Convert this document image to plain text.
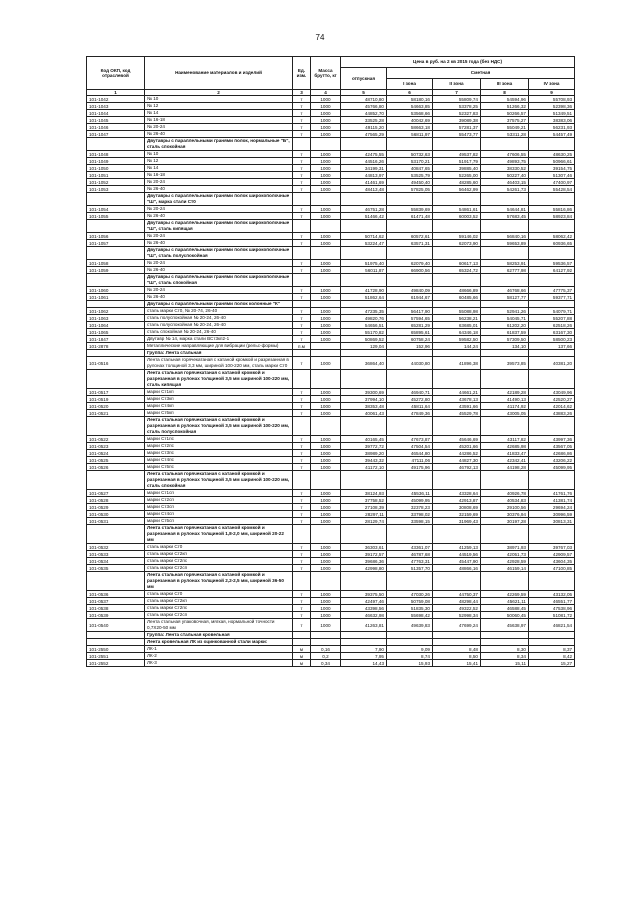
74
Код ОКП, код отраслевой	Наименование материалов и изделий	Ед. изм.	Масса брутто, кг	Цена в руб. на 2 кв 2015 года (без НДС)				
				отпускная	Сметная			
					I зона	II зона	III зона	IV зона
1	2	3	4	5	6	7	8	9
101-1042	№ 10	т	1000	48710,80	58180,16	55809,74	54594,96	55708,93
101-1043	№ 12	т	1000	45766,80	54663,85	53378,25	51266,32	52398,36
101-1044	№ 14	т	1000	44852,70	53568,66	52327,83	50266,57	51349,51
101-1045	№ 16-18	т	1000	33525,28	40042,69	39089,38	37575,27	38383,06
101-1046	№ 20-24	т	1000	49115,20	58663,18	57281,37	55049,21	56231,93
101-1047	№ 26-40	т	1000	47565,29	56811,97	55473,77	53311,28	54457,49
	Двутавры с параллельными гранями полок, нормальные "Б", сталь спокойная							
101-1048	№ 10	т	1000	42475,55	50732,63	49537,82	47606,55	48630,25
101-1049	№ 12	т	1000	44516,26	53170,21	51917,79	49893,75	50966,61
101-1050	№ 14	т	1000	34199,31	40847,65	39885,40	38330,52	39154,75
101-1051	№ 16-18	т	1000	44813,97	53525,79	52265,00	50227,40	51307,46
101-1052	№ 20-24	т	1000	41461,69	49450,40	48285,60	46403,15	47400,97
101-1053	№ 26-40	т	1000	48413,48	57825,05	56462,99	54261,73	55428,54
	Двутавры с параллельными гранями полок широкополочные "Ш", марка стали Ст0							
101-1054	№ 20-24	т	1000	46751,28	55839,69	54861,61	54644,81	55816,86
101-1055	№ 26-40	т	1000	51466,42	61471,48	60003,52	57683,45	58923,84
	Двутавры с параллельными гранями полок широкополочные "Ш", сталь кипящая							
101-1056	№ 20-24	т	1000	50714,62	60572,61	59146,02	56840,16	58062,42
101-1057	№ 26-40	т	1000	53224,47	63571,31	62073,90	59653,89	60936,65
	Двутавры с параллельными гранями полок широкополочные "Ш", сталь полуспокойная							
101-1058	№ 20-24	т	1000	51975,40	62079,40	60617,13	58253,91	59536,57
101-1059	№ 26-40	т	1000	56011,87	66900,56	65324,72	62777,98	64127,92
	Двутавры с параллельными гранями полок широкополочные "Ш", сталь спокойная							
101-1060	№ 20-24	т	1000	41728,90	49840,09	48666,89	46768,66	47775,37
101-1061	№ 26-40	т	1000	51862,64	61944,67	60485,66	58127,77	59377,71
	Двутавры с параллельными гранями полок колонные "К"							
101-1062	сталь марки Ст0, № 20-74, 26-40	т	1000	47235,35	56417,90	55088,98	52941,26	54079,71
101-1063	сталь полуспокойная № 20-24, 26-40	т	1000	49820,76	57594,65	56238,21	54045,71	55207,88
101-1064	сталь полуспокойная № 20-24, 26-40	т	1000	54656,51	65281,29	63685,01	61202,20	62518,26
101-1065	сталь спокойная № 20-24, 26-40	т	1000	55170,82	65895,61	64346,18	61837,59	63167,30
101-1847	Двутавр № 14, марка стали ВСт3кп2-1	т	1000	50869,52	60758,24	59582,50	57309,50	58500,23
101-2878	Металлические направляющие для вибрации (рельс-формы)	п.м		129,04	152,96	144,24	134,10	137,66
	Группа: Лента стальная							
101-0516	Лента стальная горячекатаная с катаной кромкой и разрезанная в рулонах толщиной 3,3 мм, шириной 100-220 мм, сталь марки Ст0	т	1000	36864,40	44030,80	41896,38	39573,85	40381,20
	Лента стальная горячекатаная с катаной кромкой и разрезанная в рулонах толщиной 3,5 мм шириной 100-220 мм, сталь кипящая							
101-0517	марки Ст1кп	т	1000	39300,69	46940,71	44661,21	42189,28	43049,96
101-0519	марки Ст3кп	т	1000	37994,10	45272,80	43678,13	41490,13	42520,27
101-0520	марки Ст4кп	т	1000	38353,48	45811,64	43591,66	41174,92	42014,62
101-0521	марки Ст5кп	т	1000	40061,43	47849,36	45529,78	43005,05	43883,26
	Лента стальная горячекатаная с катаной кромкой и разрезанная в рулонах толщиной 3,5 мм шириной 100-220 мм, сталь полуспокойная							
101-0522	марки Ст1пс	т	1000	40165,45	47673,87	45646,69	43117,82	43997,36
101-0523	марки Ст2пс	т	1000	39772,72	47504,54	45201,66	42685,98	43567,05
101-0524	марки Ст3пс	т	1000	38989,20	46544,80	44286,52	41833,47	42686,86
101-0525	марки Ст4пс	т	1000	39443,32	47111,06	44827,30	42342,41	43206,22
101-0526	марки Ст5пс	т	1000	41172,10	49175,96	46792,13	44198,28	45099,95
	Лента стальная горячекатаная с катаной кромкой и разрезанная в рулонах толщиной 3,5 мм шириной 100-220 мм, сталь спокойная							
101-0527	марки Ст1сп	т	1000	38124,93	45536,11	43328,64	40926,78	41761,76
101-0528	марки Ст2сп	т	1000	37758,52	45099,95	42913,87	40534,83	41381,74
101-0529	марки Ст3сп	т	1000	27108,39	32378,23	30808,69	29100,56	29694,24
101-0530	марки Ст4сп	т	1000	28297,11	33798,02	32159,69	30376,94	30996,59
101-0531	марки Ст5сп	т	1000	28129,74	33598,15	31969,43	30197,28	30813,31
	Лента стальная горячекатаная с катаной кромкой и разрезанная в рулонах толщиной 1,8-2,0 мм, шириной 20-22 мм							
101-0532	сталь марки Ст0	т	1000	36303,61	43361,07	41259,13	38971,93	39767,03
101-0533	сталь марки Ст2кп	т	1000	39172,57	46787,68	44519,56	42051,73	42909,57
101-0534	сталь марки Ст2пс	т	1000	39686,36	47763,31	45447,90	42928,59	43604,35
101-0535	сталь марки Ст2сп	т	1000	42998,80	51357,70	48866,16	46159,14	47100,85
	Лента стальная горячекатаная с катаной кромкой и разрезанная в рулонах толщиной 2,2-2,5 мм, шириной 36-50 мм							
101-0536	сталь марки Ст0	т	1000	39375,50	47030,26	44750,37	42269,59	43132,05
101-0537	сталь марки Ст2кп	т	1000	42497,46	50759,08	48298,44	45621,11	46551,77
101-0538	сталь марки Ст2пс	т	1000	43398,56	51835,30	49322,52	46588,45	47538,96
101-0539	сталь марки Ст2сп	т	1000	46632,98	55698,42	52998,34	50060,45	51081,72
101-0540	Лента стальная упаковочная, мягкая, нормальной точности 0,7Х20-50 мм	т	1000	41263,81	49639,83	47699,24	45638,97	46821,54
	Группа: Лента стальная кровельная							
	Лента кровельная ЛК из оцинкованной стали марки:							
101-2550	ЛК-1	м	0,16	7,90	9,09	8,48	8,30	8,37
101-2551	ЛК-2	м	0,2	7,95	8,74	8,50	8,34	8,42
101-2552	ЛК-3	м	0,34	14,43	15,93	15,41	15,11	15,27
